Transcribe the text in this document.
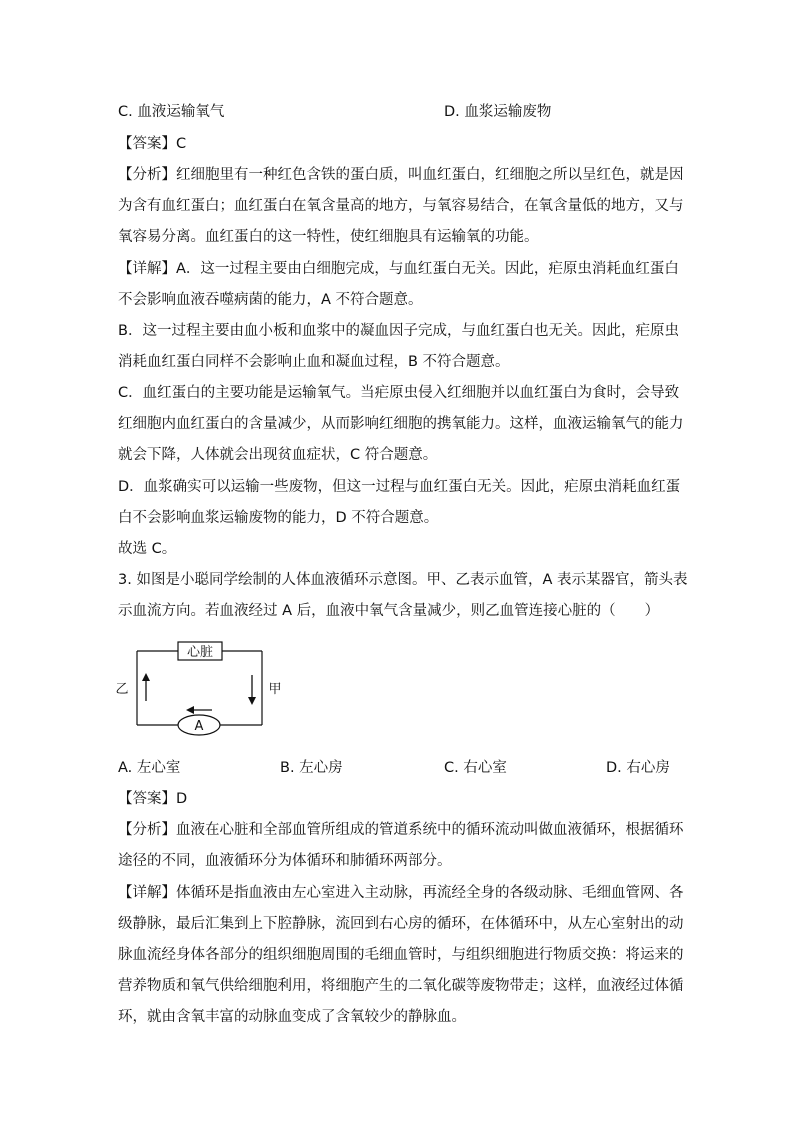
C. 血液运输氧气	D. 血浆运输废物
【答案】C
【分析】红细胞里有一种红色含铁的蛋白质，叫血红蛋白，红细胞之所以呈红色，就是因
为含有血红蛋白；血红蛋白在氧含量高的地方，与氧容易结合，在氧含量低的地方，又与
氧容易分离。血红蛋白的这一特性，使红细胞具有运输氧的功能。
【详解】A．这一过程主要由白细胞完成，与血红蛋白无关。因此，疟原虫消耗血红蛋白
不会影响血液吞噬病菌的能力，A 不符合题意。
B．这一过程主要由血小板和血浆中的凝血因子完成，与血红蛋白也无关。因此，疟原虫
消耗血红蛋白同样不会影响止血和凝血过程，B 不符合题意。
C．血红蛋白的主要功能是运输氧气。当疟原虫侵入红细胞并以血红蛋白为食时，会导致
红细胞内血红蛋白的含量减少，从而影响红细胞的携氧能力。这样，血液运输氧气的能力
就会下降，人体就会出现贫血症状，C 符合题意。
D．血浆确实可以运输一些废物，但这一过程与血红蛋白无关。因此，疟原虫消耗血红蛋
白不会影响血浆运输废物的能力，D 不符合题意。
故选 C。
3. 如图是小聪同学绘制的人体血液循环示意图。甲、乙表示血管，A 表示某器官，箭头表
示血流方向。若血液经过 A 后，血液中氧气含量减少，则乙血管连接心脏的（　　）
心脏
A
乙	甲
A. 左心室	B. 左心房	C. 右心室	D. 右心房
【答案】D
【分析】血液在心脏和全部血管所组成的管道系统中的循环流动叫做血液循环，根据循环
途径的不同，血液循环分为体循环和肺循环两部分。
【详解】体循环是指血液由左心室进入主动脉，再流经全身的各级动脉、毛细血管网、各
级静脉，最后汇集到上下腔静脉，流回到右心房的循环，在体循环中，从左心室射出的动
脉血流经身体各部分的组织细胞周围的毛细血管时，与组织细胞进行物质交换：将运来的
营养物质和氧气供给细胞利用，将细胞产生的二氧化碳等废物带走；这样，血液经过体循
环，就由含氧丰富的动脉血变成了含氧较少的静脉血。
